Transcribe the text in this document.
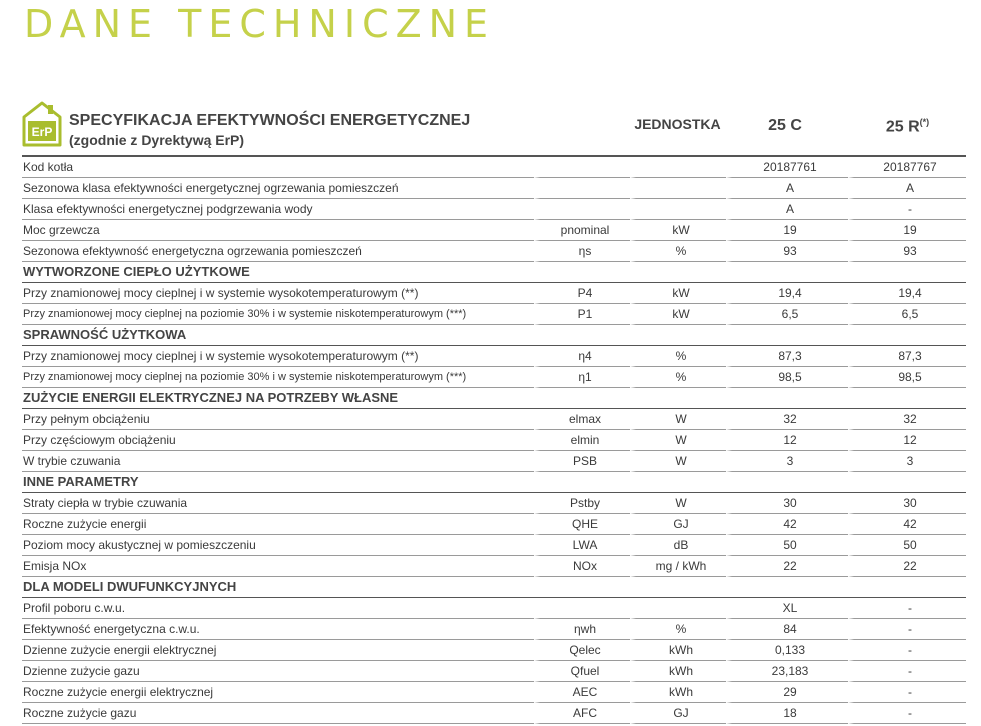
DANE TECHNICZNE
ErP
SPECYFIKACJA EFEKTYWNOŚCI ENERGETYCZNEJ
(zgodnie z Dyrektywą ErP)
JEDNOSTKA	25 C	25 R(*)
Kod kotła			20187761	20187767
Sezonowa klasa efektywności energetycznej ogrzewania pomieszczeń			A	A
Klasa efektywności energetycznej podgrzewania wody			A	-
Moc grzewcza	pnominal	kW	19	19
Sezonowa efektywność energetyczna ogrzewania pomieszczeń	ηs	%	93	93
WYTWORZONE CIEPŁO UŻYTKOWE				
Przy znamionowej mocy cieplnej i w systemie wysokotemperaturowym (**)	P4	kW	19,4	19,4
Przy znamionowej mocy cieplnej na poziomie 30% i w systemie niskotemperaturowym (***)	P1	kW	6,5	6,5
SPRAWNOŚĆ UŻYTKOWA				
Przy znamionowej mocy cieplnej i w systemie wysokotemperaturowym (**)	η4	%	87,3	87,3
Przy znamionowej mocy cieplnej na poziomie 30% i w systemie niskotemperaturowym (***)	η1	%	98,5	98,5
ZUŻYCIE ENERGII ELEKTRYCZNEJ NA POTRZEBY WŁASNE				
Przy pełnym obciążeniu	elmax	W	32	32
Przy częściowym obciążeniu	elmin	W	12	12
W trybie czuwania	PSB	W	3	3
INNE PARAMETRY				
Straty ciepła w trybie czuwania	Pstby	W	30	30
Roczne zużycie energii	QHE	GJ	42	42
Poziom mocy akustycznej w pomieszczeniu	LWA	dB	50	50
Emisja NOx	NOx	mg / kWh	22	22
DLA MODELI DWUFUNKCYJNYCH				
Profil poboru c.w.u.			XL	-
Efektywność energetyczna c.w.u.	ηwh	%	84	-
Dzienne zużycie energii elektrycznej	Qelec	kWh	0,133	-
Dzienne zużycie gazu	Qfuel	kWh	23,183	-
Roczne zużycie energii elektrycznej	AEC	kWh	29	-
Roczne zużycie gazu	AFC	GJ	18	-
